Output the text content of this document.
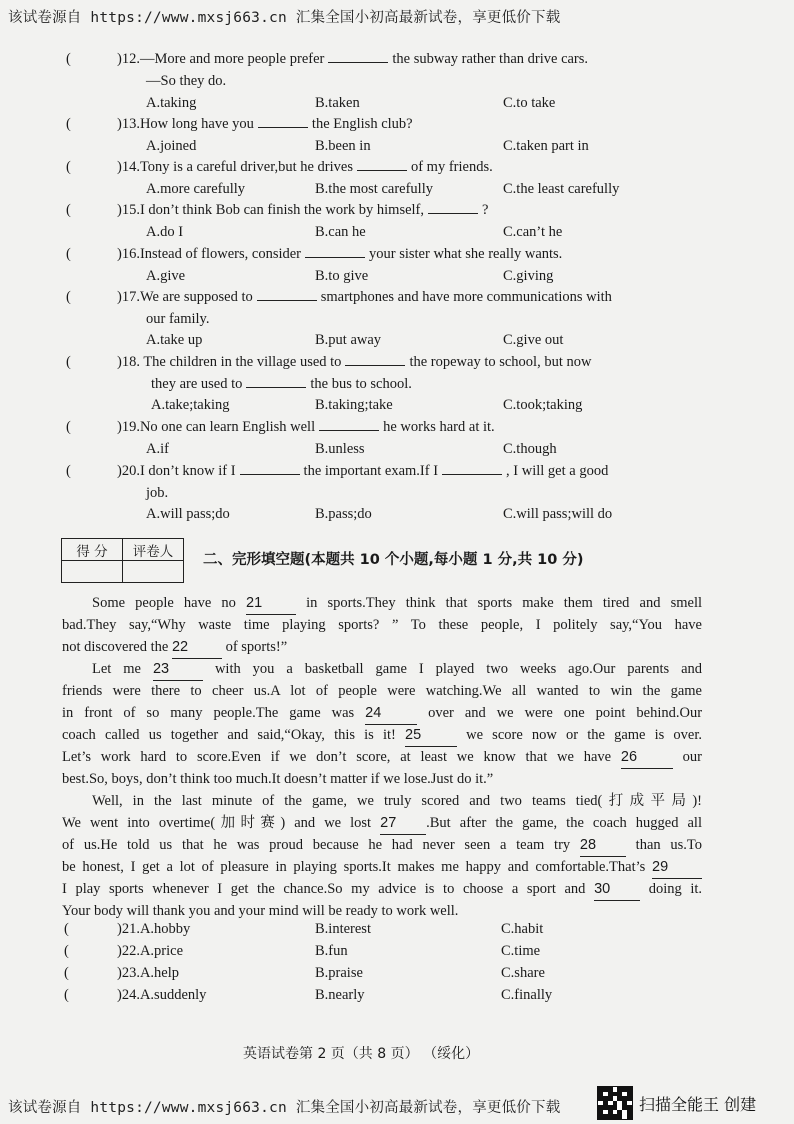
该试卷源自 https://www.mxsj663.cn 汇集全国小初高最新试卷，享更低价下载
(	)12.—More and more people prefer	the subway rather than drive cars.
—So they do.
A.taking	B.taken	C.to take
(	)13.How long have you	the English club?
A.joined	B.been in	C.taken part in
(	)14.Tony is a careful driver,but he drives	of my friends.
A.more carefully	B.the most carefully	C.the least carefully
(	)15.I don’t think Bob can finish the work by himself,	?
A.do I	B.can he	C.can’t he
(	)16.Instead of flowers, consider	your sister what she really wants.
A.give	B.to give	C.giving
(	)17.We are supposed to	smartphones and have more communications with
our family.
A.take up	B.put away	C.give out
(	)18. The children in the village used to	the ropeway to school, but now
they are used to	the bus to school.
A.take;taking	B.taking;take	C.took;taking
(	)19.No one can learn English well	he works hard at it.
A.if	B.unless	C.though
(	)20.I don’t know if I	the important exam.If I	, I will get a good
job.
A.will pass;do	B.pass;do	C.will pass;will do
得 分	评卷人

二、完形填空题(本题共 10 个小题,每小题 1 分,共 10 分)
Some people have no 21	in sports.They think that sports make them tired and smell
bad.They say,“Why waste time playing sports? ” To these people, I politely say,“You have
not discovered the 22	of sports!”
Let me 23	with you a basketball game I played two weeks ago.Our parents and
friends were there to cheer us.A lot of people were watching.We all wanted to win the game
in front of so many people.The game was 24	over and we were one point behind.Our
coach called us together and said,“Okay, this is it! 25	we score now or the game is over.
Let’s work hard to score.Even if we don’t score, at least we know that we have 26	our
best.So, boys, don’t think too much.It doesn’t matter if we lose.Just do it.”
Well, in the last minute of the game, we truly scored and two teams tied(打成平局)!
We went into overtime(加时赛) and we lost 27 .But after the game, the coach hugged all
of us.He told us that he was proud because he had never seen a team try 28	than us.To
be honest, I get a lot of pleasure in playing sports.It makes me happy and comfortable.That’s 29
I play sports whenever I get the chance.So my advice is to choose a sport and 30	doing it.
Your body will thank you and your mind will be ready to work well.
(	)21.A.hobby	B.interest	C.habit
(	)22.A.price	B.fun	C.time
(	)23.A.help	B.praise	C.share
(	)24.A.suddenly	B.nearly	C.finally
英语试卷第 2 页（共 8 页） （绥化）
该试卷源自 https://www.mxsj663.cn 汇集全国小初高最新试卷，享更低价下载	扫描全能王 创建
